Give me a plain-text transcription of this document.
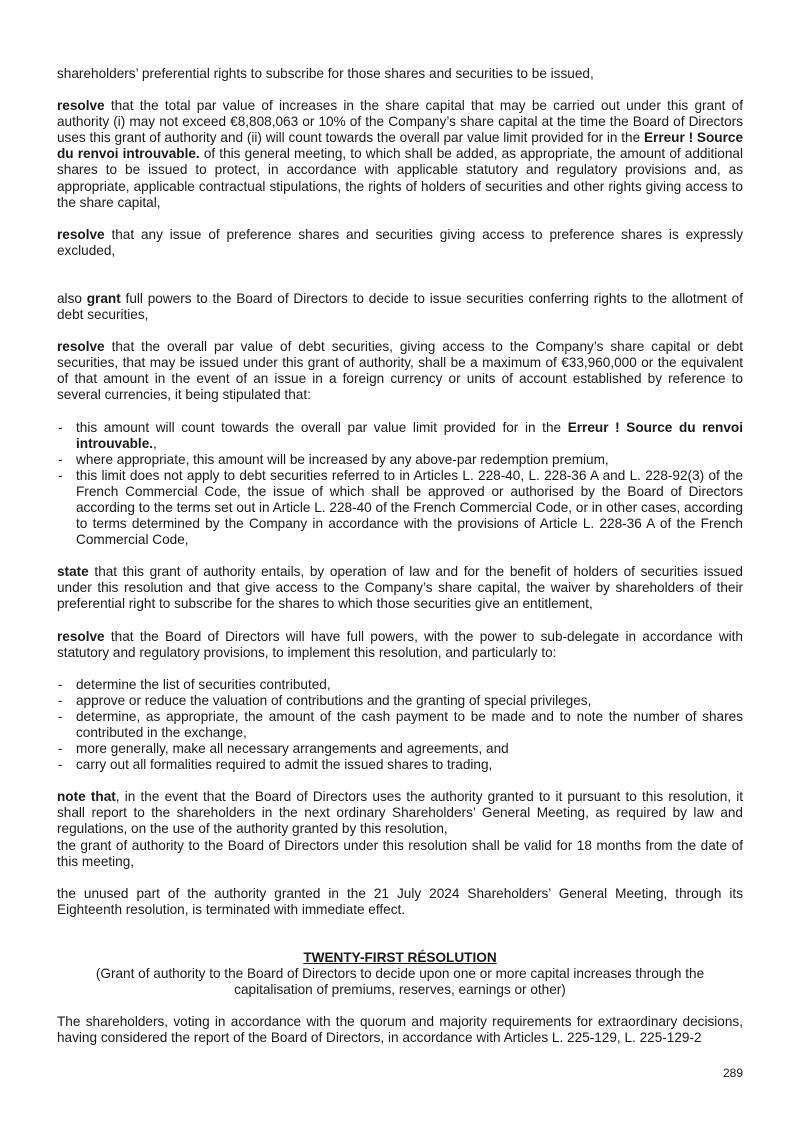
shareholders’ preferential rights to subscribe for those shares and securities to be issued,

resolve that the total par value of increases in the share capital that may be carried out under this grant of authority (i) may not exceed €8,808,063 or 10% of the Company’s share capital at the time the Board of Directors uses this grant of authority and (ii) will count towards the overall par value limit provided for in the Erreur ! Source du renvoi introuvable. of this general meeting, to which shall be added, as appropriate, the amount of additional shares to be issued to protect, in accordance with applicable statutory and regulatory provisions and, as appropriate, applicable contractual stipulations, the rights of holders of securities and other rights giving access to the share capital,

resolve that any issue of preference shares and securities giving access to preference shares is expressly excluded,

also grant full powers to the Board of Directors to decide to issue securities conferring rights to the allotment of debt securities,

resolve that the overall par value of debt securities, giving access to the Company’s share capital or debt securities, that may be issued under this grant of authority, shall be a maximum of €33,960,000 or the equivalent of that amount in the event of an issue in a foreign currency or units of account established by reference to several currencies, it being stipulated that:

- this amount will count towards the overall par value limit provided for in the Erreur ! Source du renvoi introuvable.,
- where appropriate, this amount will be increased by any above-par redemption premium,
- this limit does not apply to debt securities referred to in Articles L. 228-40, L. 228-36 A and L. 228-92(3) of the French Commercial Code, the issue of which shall be approved or authorised by the Board of Directors according to the terms set out in Article L. 228-40 of the French Commercial Code, or in other cases, according to terms determined by the Company in accordance with the provisions of Article L. 228-36 A of the French Commercial Code,

state that this grant of authority entails, by operation of law and for the benefit of holders of securities issued under this resolution and that give access to the Company’s share capital, the waiver by shareholders of their preferential right to subscribe for the shares to which those securities give an entitlement,

resolve that the Board of Directors will have full powers, with the power to sub-delegate in accordance with statutory and regulatory provisions, to implement this resolution, and particularly to:

- determine the list of securities contributed,
- approve or reduce the valuation of contributions and the granting of special privileges,
- determine, as appropriate, the amount of the cash payment to be made and to note the number of shares contributed in the exchange,
- more generally, make all necessary arrangements and agreements, and
- carry out all formalities required to admit the issued shares to trading,

note that, in the event that the Board of Directors uses the authority granted to it pursuant to this resolution, it shall report to the shareholders in the next ordinary Shareholders’ General Meeting, as required by law and regulations, on the use of the authority granted by this resolution,

the grant of authority to the Board of Directors under this resolution shall be valid for 18 months from the date of this meeting,

the unused part of the authority granted in the 21 July 2024 Shareholders’ General Meeting, through its Eighteenth resolution, is terminated with immediate effect.

TWENTY-FIRST RÉSOLUTION
(Grant of authority to the Board of Directors to decide upon one or more capital increases through the
capitalisation of premiums, reserves, earnings or other)

The shareholders, voting in accordance with the quorum and majority requirements for extraordinary decisions, having considered the report of the Board of Directors, in accordance with Articles L. 225-129, L. 225-129-2

289
